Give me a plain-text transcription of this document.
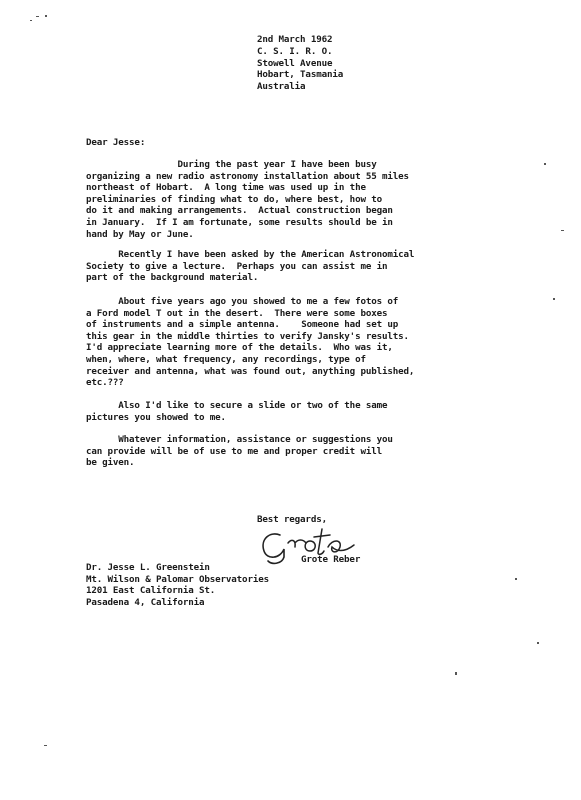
2nd March 1962
C. S. I. R. O.
Stowell Avenue
Hobart, Tasmania
Australia
Dear Jesse:
During the past year I have been busy
organizing a new radio astronomy installation about 55 miles
northeast of Hobart.  A long time was used up in the
preliminaries of finding what to do, where best, how to
do it and making arrangements.  Actual construction began
in January.  If I am fortunate, some results should be in
hand by May or June.
Recently I have been asked by the American Astronomical
Society to give a lecture.  Perhaps you can assist me in
part of the background material.
About five years ago you showed to me a few fotos of
a Ford model T out in the desert.  There were some boxes
of instruments and a simple antenna.    Someone had set up
this gear in the middle thirties to verify Jansky's results.
I'd appreciate learning more of the details.  Who was it,
when, where, what frequency, any recordings, type of
receiver and antenna, what was found out, anything published,
etc.???
Also I'd like to secure a slide or two of the same
pictures you showed to me.
Whatever information, assistance or suggestions you
can provide will be of use to me and proper credit will
be given.
Best regards,
Grote Reber
Dr. Jesse L. Greenstein
Mt. Wilson & Palomar Observatories
1201 East California St.
Pasadena 4, California
